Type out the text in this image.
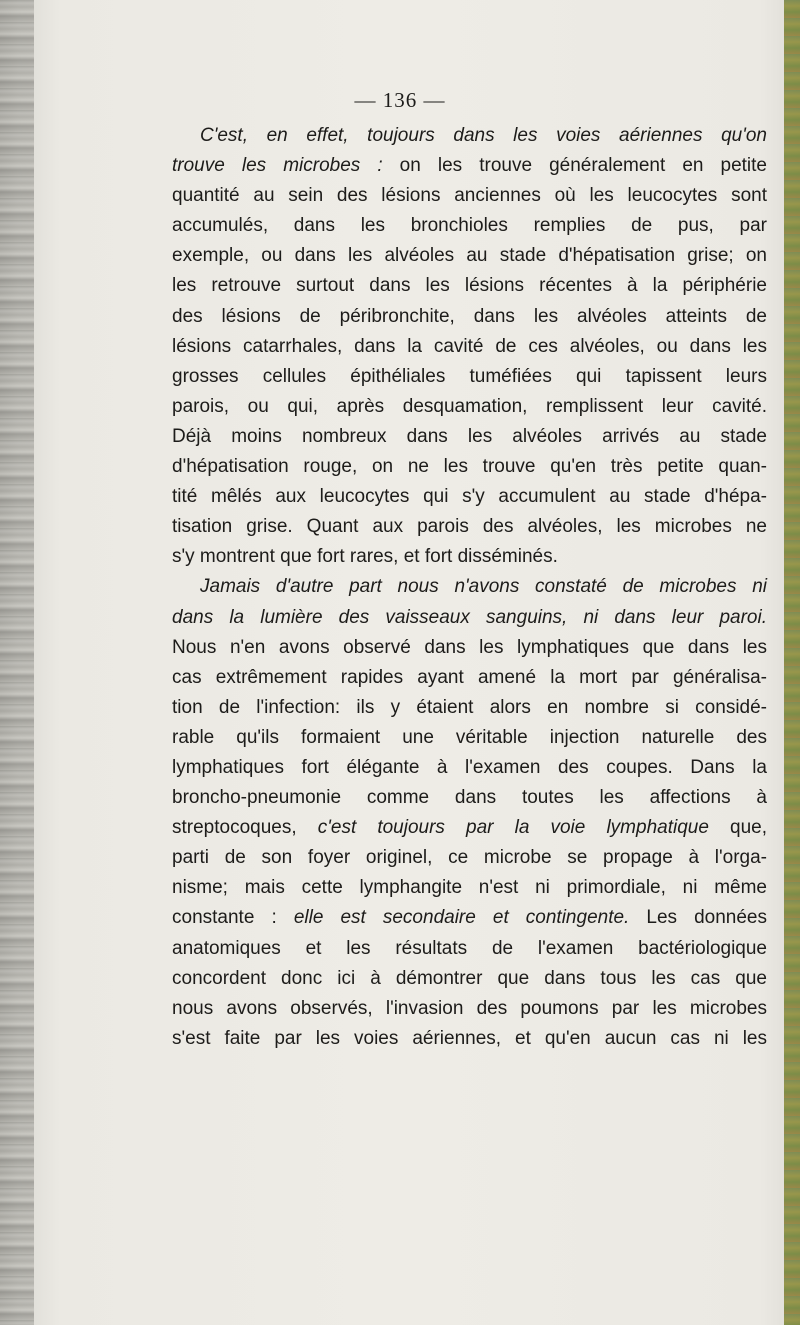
— 136 —
C'est, en effet, toujours dans les voies aériennes qu'on
trouve les microbes : on les trouve généralement en petite
quantité au sein des lésions anciennes où les leucocytes sont
accumulés, dans les bronchioles remplies de pus, par
exemple, ou dans les alvéoles au stade d'hépatisation grise; on
les retrouve surtout dans les lésions récentes à la périphérie
des lésions de péribronchite, dans les alvéoles atteints de
lésions catarrhales, dans la cavité de ces alvéoles, ou dans les
grosses cellules épithéliales tuméfiées qui tapissent leurs
parois, ou qui, après desquamation, remplissent leur cavité.
Déjà moins nombreux dans les alvéoles arrivés au stade
d'hépatisation rouge, on ne les trouve qu'en très petite quan-
tité mêlés aux leucocytes qui s'y accumulent au stade d'hépa-
tisation grise. Quant aux parois des alvéoles, les microbes ne
s'y montrent que fort rares, et fort disséminés.
Jamais d'autre part nous n'avons constaté de microbes ni
dans la lumière des vaisseaux sanguins, ni dans leur paroi.
Nous n'en avons observé dans les lymphatiques que dans les
cas extrêmement rapides ayant amené la mort par généralisa-
tion de l'infection: ils y étaient alors en nombre si considé-
rable qu'ils formaient une véritable injection naturelle des
lymphatiques fort élégante à l'examen des coupes. Dans la
broncho-pneumonie comme dans toutes les affections à
streptocoques, c'est toujours par la voie lymphatique que,
parti de son foyer originel, ce microbe se propage à l'orga-
nisme; mais cette lymphangite n'est ni primordiale, ni même
constante : elle est secondaire et contingente. Les données
anatomiques et les résultats de l'examen bactériologique
concordent donc ici à démontrer que dans tous les cas que
nous avons observés, l'invasion des poumons par les microbes
s'est faite par les voies aériennes, et qu'en aucun cas ni les
